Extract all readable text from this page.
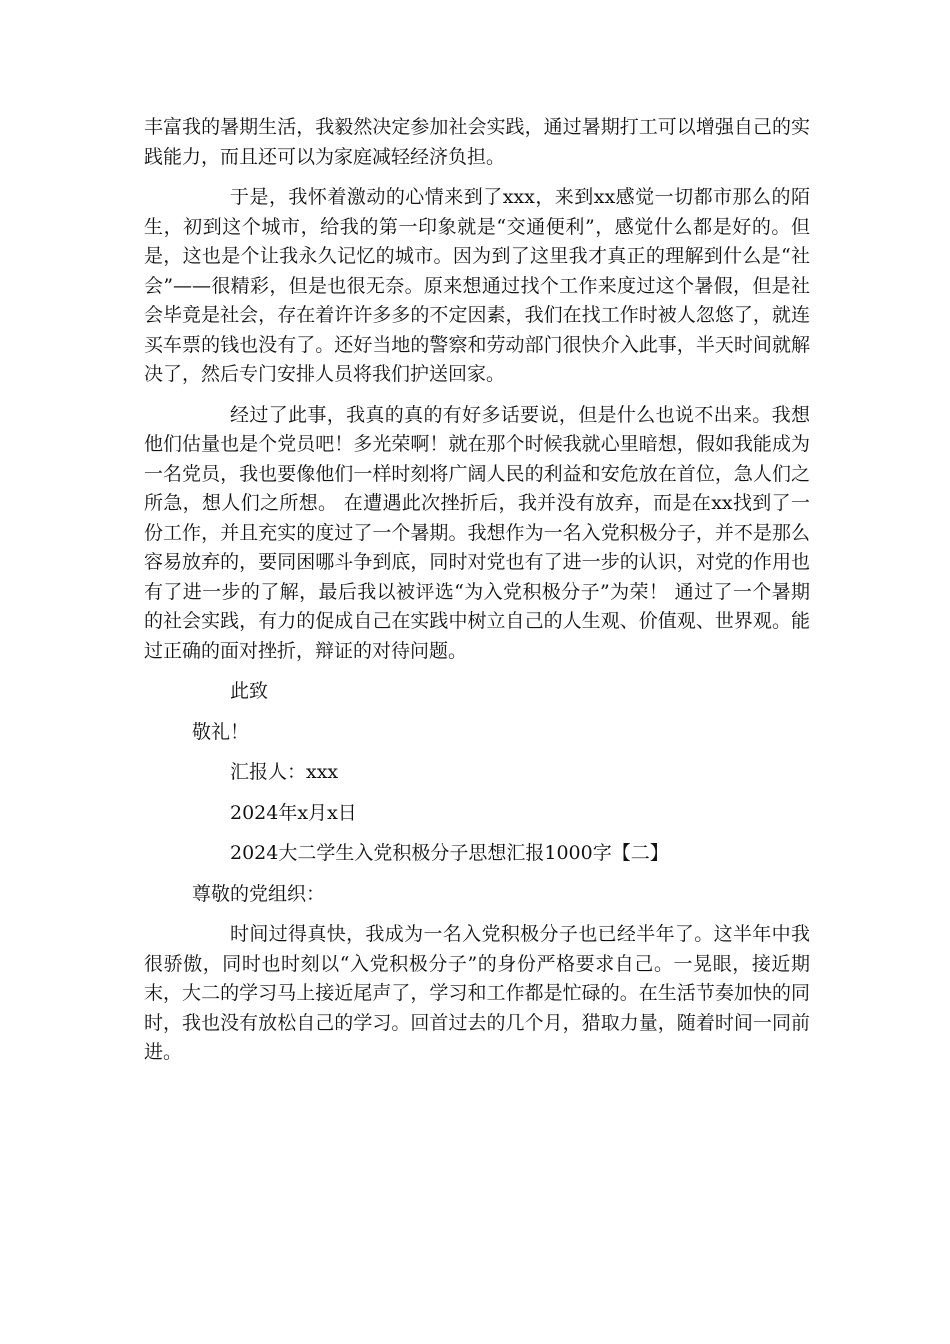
丰富我的暑期生活，我毅然决定参加社会实践，通过暑期打工可以增强自己的实践能力，而且还可以为家庭减轻经济负担。

于是，我怀着激动的心情来到了xxx，来到xx感觉一切都市那么的陌生，初到这个城市，给我的第一印象就是“交通便利”，感觉什么都是好的。但是，这也是个让我永久记忆的城市。因为到了这里我才真正的理解到什么是“社会”——很精彩，但是也很无奈。原来想通过找个工作来度过这个暑假，但是社会毕竟是社会，存在着许许多多的不定因素，我们在找工作时被人忽悠了，就连买车票的钱也没有了。还好当地的警察和劳动部门很快介入此事，半天时间就解决了，然后专门安排人员将我们护送回家。

经过了此事，我真的真的有好多话要说，但是什么也说不出来。我想他们估量也是个党员吧！多光荣啊！就在那个时候我就心里暗想，假如我能成为一名党员，我也要像他们一样时刻将广阔人民的利益和安危放在首位，急人们之所急，想人们之所想。 在遭遇此次挫折后，我并没有放弃，而是在xx找到了一份工作，并且充实的度过了一个暑期。我想作为一名入党积极分子，并不是那么容易放弃的，要同困哪斗争到底，同时对党也有了进一步的认识，对党的作用也有了进一步的了解，最后我以被评选“为入党积极分子”为荣！ 通过了一个暑期的社会实践，有力的促成自己在实践中树立自己的人生观、价值观、世界观。能过正确的面对挫折，辩证的对待问题。

此致

敬礼！

汇报人：xxx

2024年x月x日

2024大二学生入党积极分子思想汇报1000字【二】

尊敬的党组织：

时间过得真快，我成为一名入党积极分子也已经半年了。这半年中我很骄傲，同时也时刻以“入党积极分子”的身份严格要求自己。一晃眼，接近期末，大二的学习马上接近尾声了，学习和工作都是忙碌的。在生活节奏加快的同时，我也没有放松自己的学习。回首过去的几个月，猎取力量，随着时间一同前进。
